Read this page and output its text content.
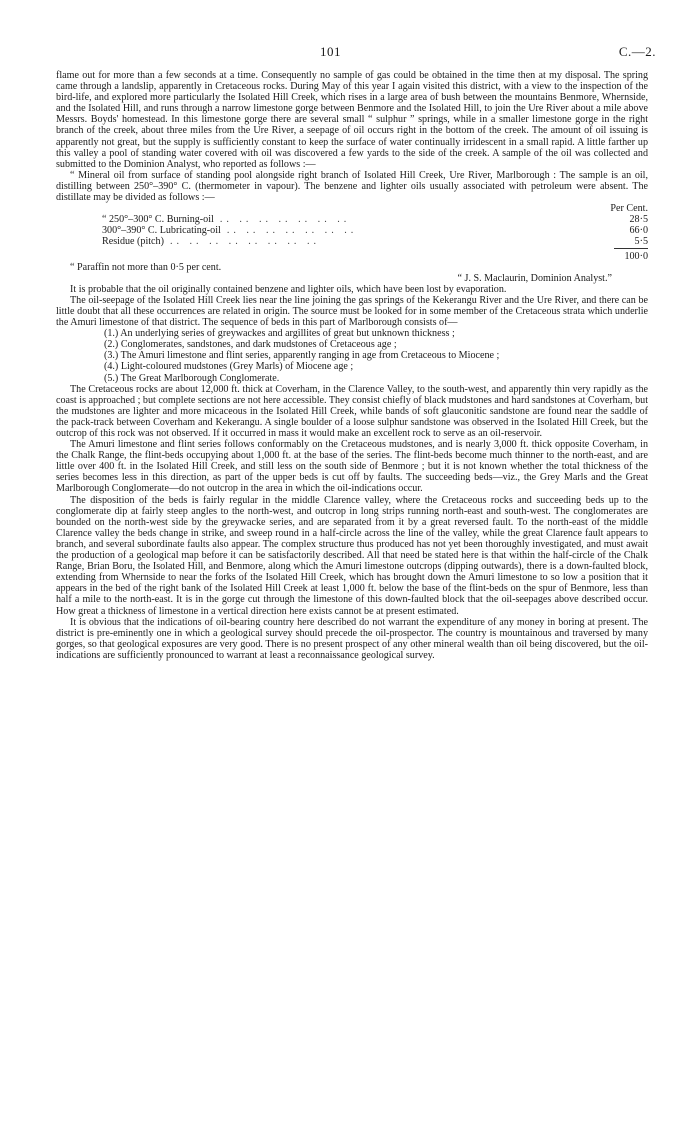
101	C.—2.

flame out for more than a few seconds at a time. Consequently no sample of gas could be obtained in the time then at my disposal. The spring came through a landslip, apparently in Cretaceous rocks. During May of this year I again visited this district, with a view to the inspection of the bird-life, and explored more particularly the Isolated Hill Creek, which rises in a large area of bush between the mountains Benmore, Whernside, and the Isolated Hill, and runs through a narrow limestone gorge between Benmore and the Isolated Hill, to join the Ure River about a mile above Messrs. Boyds' homestead. In this limestone gorge there are several small “ sulphur ” springs, while in a smaller limestone gorge in the right branch of the creek, about three miles from the Ure River, a seepage of oil occurs right in the bottom of the creek. The amount of oil issuing is apparently not great, but the supply is sufficiently constant to keep the surface of water continually irridescent in a small rapid. A little farther up this valley a pool of standing water covered with oil was discovered a few yards to the side of the creek. A sample of the oil was collected and submitted to the Dominion Analyst, who reported as follows :—

“ Mineral oil from surface of standing pool alongside right branch of Isolated Hill Creek, Ure River, Marlborough : The sample is an oil, distilling between 250°–390° C. (thermometer in vapour). The benzene and lighter oils usually associated with petroleum were absent. The distillate may be divided as follows :—

Per Cent.
“ 250°–300° C. Burning-oil .. .. .. .. .. .. ..	28·5
300°–390° C. Lubricating-oil .. .. .. .. .. .. ..	66·0
Residue (pitch) .. .. .. .. .. .. .. ..	5·5
100·0

“ Paraffin not more than 0·5 per cent.

“ J. S. Maclaurin, Dominion Analyst.”

It is probable that the oil originally contained benzene and lighter oils, which have been lost by evaporation.

The oil-seepage of the Isolated Hill Creek lies near the line joining the gas springs of the Kekerangu River and the Ure River, and there can be little doubt that all these occurrences are related in origin. The source must be looked for in some member of the Cretaceous strata which underlie the Amuri limestone of that district. The sequence of beds in this part of Marlborough consists of—

(1.) An underlying series of greywackes and argillites of great but unknown thickness ;
(2.) Conglomerates, sandstones, and dark mudstones of Cretaceous age ;
(3.) The Amuri limestone and flint series, apparently ranging in age from Cretaceous to Miocene ;
(4.) Light-coloured mudstones (Grey Marls) of Miocene age ;
(5.) The Great Marlborough Conglomerate.

The Cretaceous rocks are about 12,000 ft. thick at Coverham, in the Clarence Valley, to the south-west, and apparently thin very rapidly as the coast is approached ; but complete sections are not here accessible. They consist chiefly of black mudstones and hard sandstones at Coverham, but the mudstones are lighter and more micaceous in the Isolated Hill Creek, while bands of soft glauconitic sandstone are found near the saddle of the pack-track between Coverham and Kekerangu. A single boulder of a loose sulphur sandstone was observed in the Isolated Hill Creek, but the outcrop of this rock was not observed. If it occurred in mass it would make an excellent rock to serve as an oil-reservoir.

The Amuri limestone and flint series follows conformably on the Cretaceous mudstones, and is nearly 3,000 ft. thick opposite Coverham, in the Chalk Range, the flint-beds occupying about 1,000 ft. at the base of the series. The flint-beds become much thinner to the north-east, and are little over 400 ft. in the Isolated Hill Creek, and still less on the south side of Benmore ; but it is not known whether the total thickness of the series becomes less in this direction, as part of the upper beds is cut off by faults. The succeeding beds—viz., the Grey Marls and the Great Marlborough Conglomerate—do not outcrop in the area in which the oil-indications occur.

The disposition of the beds is fairly regular in the middle Clarence valley, where the Cretaceous rocks and succeeding beds up to the conglomerate dip at fairly steep angles to the north-west, and outcrop in long strips running north-east and south-west. The conglomerates are bounded on the north-west side by the greywacke series, and are separated from it by a great reversed fault. To the north-east of the middle Clarence valley the beds change in strike, and sweep round in a half-circle across the line of the valley, while the great Clarence fault appears to branch, and several subordinate faults also appear. The complex structure thus produced has not yet been thoroughly investigated, and must await the production of a geological map before it can be satisfactorily described. All that need be stated here is that within the half-circle of the Chalk Range, Brian Boru, the Isolated Hill, and Benmore, along which the Amuri limestone outcrops (dipping outwards), there is a down-faulted block, extending from Whernside to near the forks of the Isolated Hill Creek, which has brought down the Amuri limestone to so low a position that it appears in the bed of the right bank of the Isolated Hill Creek at least 1,000 ft. below the base of the flint-beds on the spur of Benmore, less than half a mile to the north-east. It is in the gorge cut through the limestone of this down-faulted block that the oil-seepages above described occur. How great a thickness of limestone in a vertical direction here exists cannot be at present estimated.

It is obvious that the indications of oil-bearing country here described do not warrant the expenditure of any money in boring at present. The district is pre-eminently one in which a geological survey should precede the oil-prospector. The country is mountainous and traversed by many gorges, so that geological exposures are very good. There is no present prospect of any other mineral wealth than oil being discovered, but the oil-indications are sufficiently pronounced to warrant at least a reconnaissance geological survey.
